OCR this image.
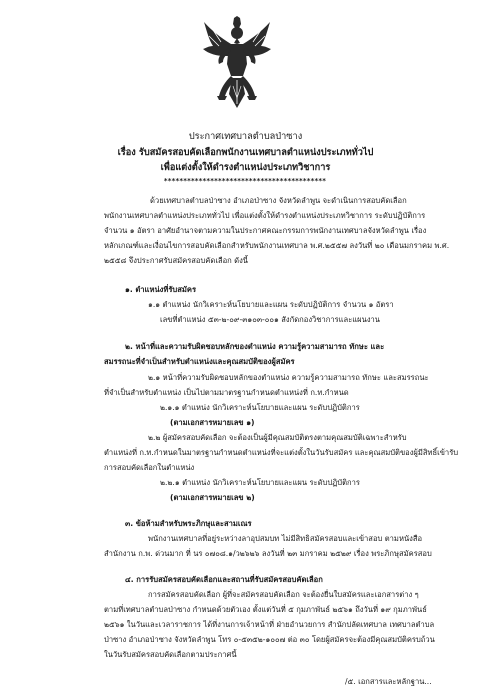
ประกาศเทศบาลตำบลป่าซาง
เรื่อง รับสมัครสอบคัดเลือกพนักงานเทศบาลตำแหน่งประเภททั่วไป
เพื่อแต่งตั้งให้ดำรงตำแหน่งประเภทวิชาการ
******************************************
ด้วยเทศบาลตำบลป่าซาง อำเภอป่าซาง จังหวัดลำพูน จะดำเนินการสอบคัดเลือก
พนักงานเทศบาลตำแหน่งประเภททั่วไป เพื่อแต่งตั้งให้ดำรงตำแหน่งประเภทวิชาการ ระดับปฏิบัติการ
จำนวน ๑ อัตรา อาศัยอำนาจตามความในประกาศคณะกรรมการพนักงานเทศบาลจังหวัดลำพูน เรื่อง
หลักเกณฑ์และเงื่อนไขการสอบคัดเลือกสำหรับพนักงานเทศบาล พ.ศ.๒๕๕๗ ลงวันที่ ๒๐ เดือนมกราคม พ.ศ.
๒๕๕๘ จึงประกาศรับสมัครสอบคัดเลือก ดังนี้
๑. ตำแหน่งที่รับสมัคร
๑.๑ ตำแหน่ง นักวิเคราะห์นโยบายและแผน ระดับปฏิบัติการ จำนวน ๑ อัตรา
เลขที่ตำแหน่ง ๕๓-๒-๐๙-๓๑๐๓-๐๐๑ สังกัดกองวิชาการและแผนงาน
๒. หน้าที่และความรับผิดชอบหลักของตำแหน่ง ความรู้ความสามารถ ทักษะ และ
สมรรถนะที่จำเป็นสำหรับตำแหน่งและคุณสมบัติของผู้สมัคร
๒.๑ หน้าที่ความรับผิดชอบหลักของตำแหน่ง ความรู้ความสามารถ ทักษะ และสมรรถนะ
ที่จำเป็นสำหรับตำแหน่ง เป็นไปตามมาตรฐานกำหนดตำแหน่งที่ ก.ท.กำหนด
๒.๑.๑ ตำแหน่ง นักวิเคราะห์นโยบายและแผน ระดับปฏิบัติการ
(ตามเอกสารหมายเลข ๑)
๒.๒ ผู้สมัครสอบคัดเลือก จะต้องเป็นผู้มีคุณสมบัติตรงตามคุณสมบัติเฉพาะสำหรับ
ตำแหน่งที่ ก.ท.กำหนดในมาตรฐานกำหนดตำแหน่งที่จะแต่งตั้งในวันรับสมัคร และคุณสมบัติของผู้มีสิทธิ์เข้ารับ
การสอบคัดเลือกในตำแหน่ง
๒.๒.๑ ตำแหน่ง นักวิเคราะห์นโยบายและแผน ระดับปฏิบัติการ
(ตามเอกสารหมายเลข ๒)
๓. ข้อห้ามสำหรับพระภิกษุและสามเณร
พนักงานเทศบาลที่อยู่ระหว่างลาอุปสมบท ไม่มีสิทธิสมัครสอบและเข้าสอบ ตามหนังสือ
สำนักงาน ก.พ. ด่วนมาก ที่ นร ๐๗๐๘.๑/ว๒๖๒๖ ลงวันที่ ๒๓ มกราคม ๒๕๒๙ เรื่อง พระภิกษุสมัครสอบ
๔. การรับสมัครสอบคัดเลือกและสถานที่รับสมัครสอบคัดเลือก
การสมัครสอบคัดเลือก ผู้ที่จะสมัครสอบคัดเลือก จะต้องยื่นใบสมัครและเอกสารต่าง ๆ
ตามที่เทศบาลตำบลป่าซาง กำหนดด้วยตัวเอง ตั้งแต่วันที่ ๕ กุมภาพันธ์ ๒๕๖๑ ถึงวันที่ ๑๙ กุมภาพันธ์
๒๕๖๑ ในวันและเวลาราชการ ได้ที่งานการเจ้าหน้าที่ ฝ่ายอำนวยการ สำนักปลัดเทศบาล เทศบาลตำบล
ป่าซาง อำเภอป่าซาง จังหวัดลำพูน โทร ๐-๕๓๕๒-๑๐๐๗ ต่อ ๓๐ โดยผู้สมัครจะต้องมีคุณสมบัติครบถ้วน
ในวันรับสมัครสอบคัดเลือกตามประกาศนี้
/๕. เอกสารและหลักฐาน...
